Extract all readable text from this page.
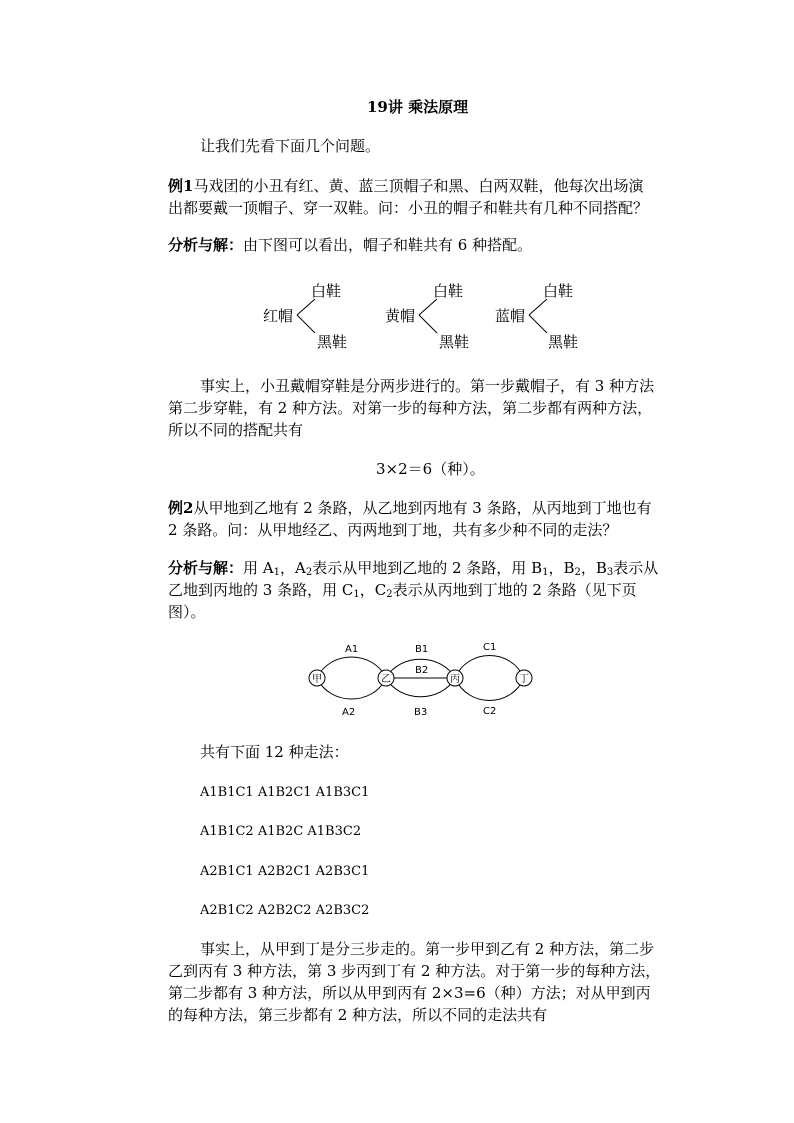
19讲 乘法原理
让我们先看下面几个问题。
例1马戏团的小丑有红、黄、蓝三顶帽子和黑、白两双鞋，他每次出场演
出都要戴一顶帽子、穿一双鞋。问：小丑的帽子和鞋共有几种不同搭配？
分析与解：由下图可以看出，帽子和鞋共有 6 种搭配。
红帽
白鞋
黑鞋
黄帽
白鞋
黑鞋
蓝帽
白鞋
黑鞋
事实上，小丑戴帽穿鞋是分两步进行的。第一步戴帽子，有 3 种方法
第二步穿鞋，有 2 种方法。对第一步的每种方法，第二步都有两种方法，
所以不同的搭配共有
3×2＝6（种）。
例2从甲地到乙地有 2 条路，从乙地到丙地有 3 条路，从丙地到丁地也有
2 条路。问：从甲地经乙、丙两地到丁地，共有多少种不同的走法？
分析与解：用 $A_1$，$A_2$表示从甲地到乙地的 2 条路，用 $B_1$，$B_2$，$B_3$表示从
乙地到丙地的 3 条路，用 $C_1$，$C_2$表示从丙地到丁地的 2 条路（见下页
图）。
甲	乙	丙	丁
A1
A2
B1
B2
B3
C1
C2
共有下面 12 种走法：
A1B1C1 A1B2C1 A1B3C1
A1B1C2 A1B2C A1B3C2
A2B1C1 A2B2C1 A2B3C1
A2B1C2 A2B2C2 A2B3C2
事实上，从甲到丁是分三步走的。第一步甲到乙有 2 种方法，第二步
乙到丙有 3 种方法，第 3 步丙到丁有 2 种方法。对于第一步的每种方法，
第二步都有 3 种方法，所以从甲到丙有 2×3=6（种）方法；对从甲到丙
的每种方法，第三步都有 2 种方法，所以不同的走法共有
